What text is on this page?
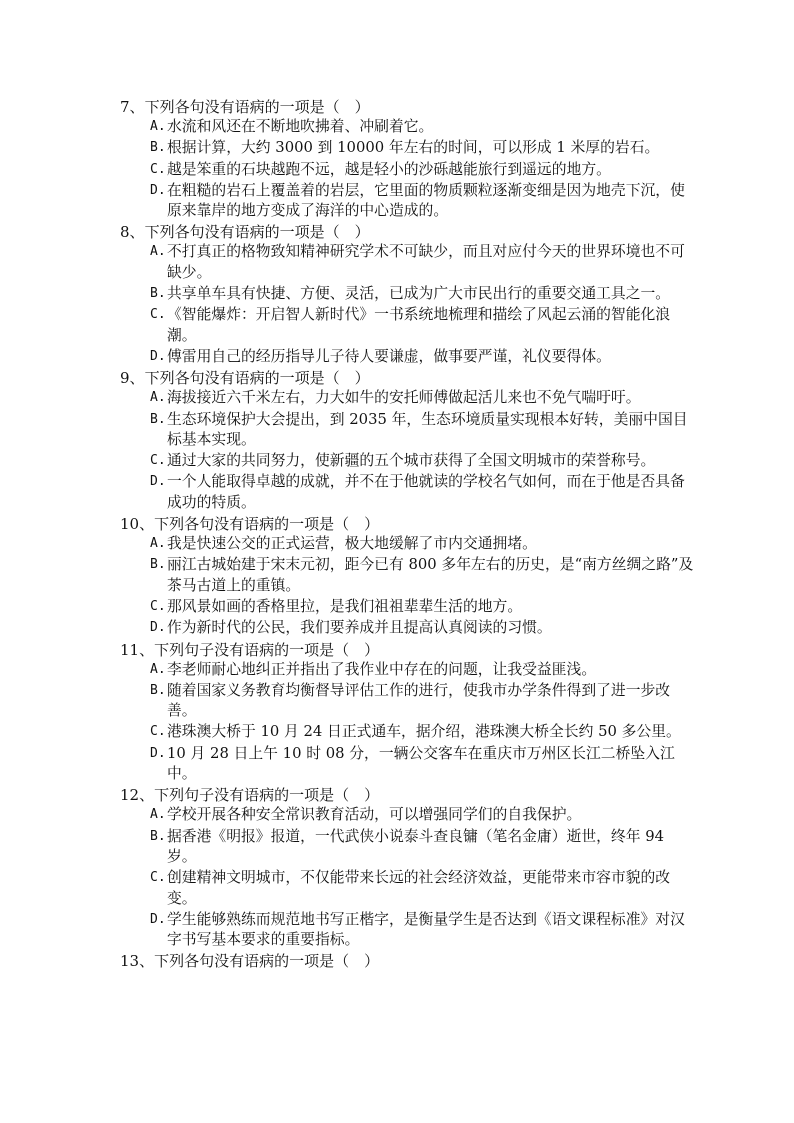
7 、 下列各句没有语病的一项是（　）
A. 水流和风还在不断地吹拂着、冲刷着它。
B. 根据计算，大约 3000 到 10000 年左右的时间，可以形成 1 米厚的岩石。
C. 越是笨重的石块越跑不远，越是轻小的沙砾越能旅行到遥远的地方。
D. 在粗糙的岩石上覆盖着的岩层，它里面的物质颗粒逐渐变细是因为地壳下沉，使原来靠岸的地方变成了海洋的中心造成的。
8 、 下列各句没有语病的一项是（　）
A. 不打真正的格物致知精神研究学术不可缺少，而且对应付今天的世界环境也不可缺少。
B. 共享单车具有快捷、方便、灵活，已成为广大市民出行的重要交通工具之一。
C. 《智能爆炸：开启智人新时代》一书系统地梳理和描绘了风起云涌的智能化浪潮。
D. 傅雷用自己的经历指导儿子待人要谦虚，做事要严谨，礼仪要得体。
9 、 下列各句没有语病的一项是（　）
A. 海拔接近六千米左右，力大如牛的安托师傅做起活儿来也不免气喘吁吁。
B. 生态环境保护大会提出，到 2035 年，生态环境质量实现根本好转，美丽中国目标基本实现。
C. 通过大家的共同努力，使新疆的五个城市获得了全国文明城市的荣誉称号。
D. 一个人能取得卓越的成就，并不在于他就读的学校名气如何，而在于他是否具备成功的特质。
10 、 下列各句没有语病的一项是（　）
A. 我是快速公交的正式运营，极大地缓解了市内交通拥堵。
B. 丽江古城始建于宋末元初，距今已有 800 多年左右的历史，是“南方丝绸之路”及茶马古道上的重镇。
C. 那风景如画的香格里拉，是我们祖祖辈辈生活的地方。
D. 作为新时代的公民，我们要养成并且提高认真阅读的习惯。
11 、 下列句子没有语病的一项是（　）
A. 李老师耐心地纠正并指出了我作业中存在的问题，让我受益匪浅。
B. 随着国家义务教育均衡督导评估工作的进行，使我市办学条件得到了进一步改善。
C. 港珠澳大桥于 10 月 24 日正式通车，据介绍，港珠澳大桥全长约 50 多公里。
D. 10 月 28 日上午 10 时 08 分，一辆公交客车在重庆市万州区长江二桥坠入江中。
12 、 下列句子没有语病的一项是（　）
A. 学校开展各种安全常识教育活动，可以增强同学们的自我保护。
B. 据香港《明报》报道，一代武侠小说泰斗查良镛（笔名金庸）逝世，终年 94 岁。
C. 创建精神文明城市，不仅能带来长远的社会经济效益，更能带来市容市貌的改变。
D. 学生能够熟练而规范地书写正楷字，是衡量学生是否达到《语文课程标准》对汉字书写基本要求的重要指标。
13 、 下列各句没有语病的一项是（　）
